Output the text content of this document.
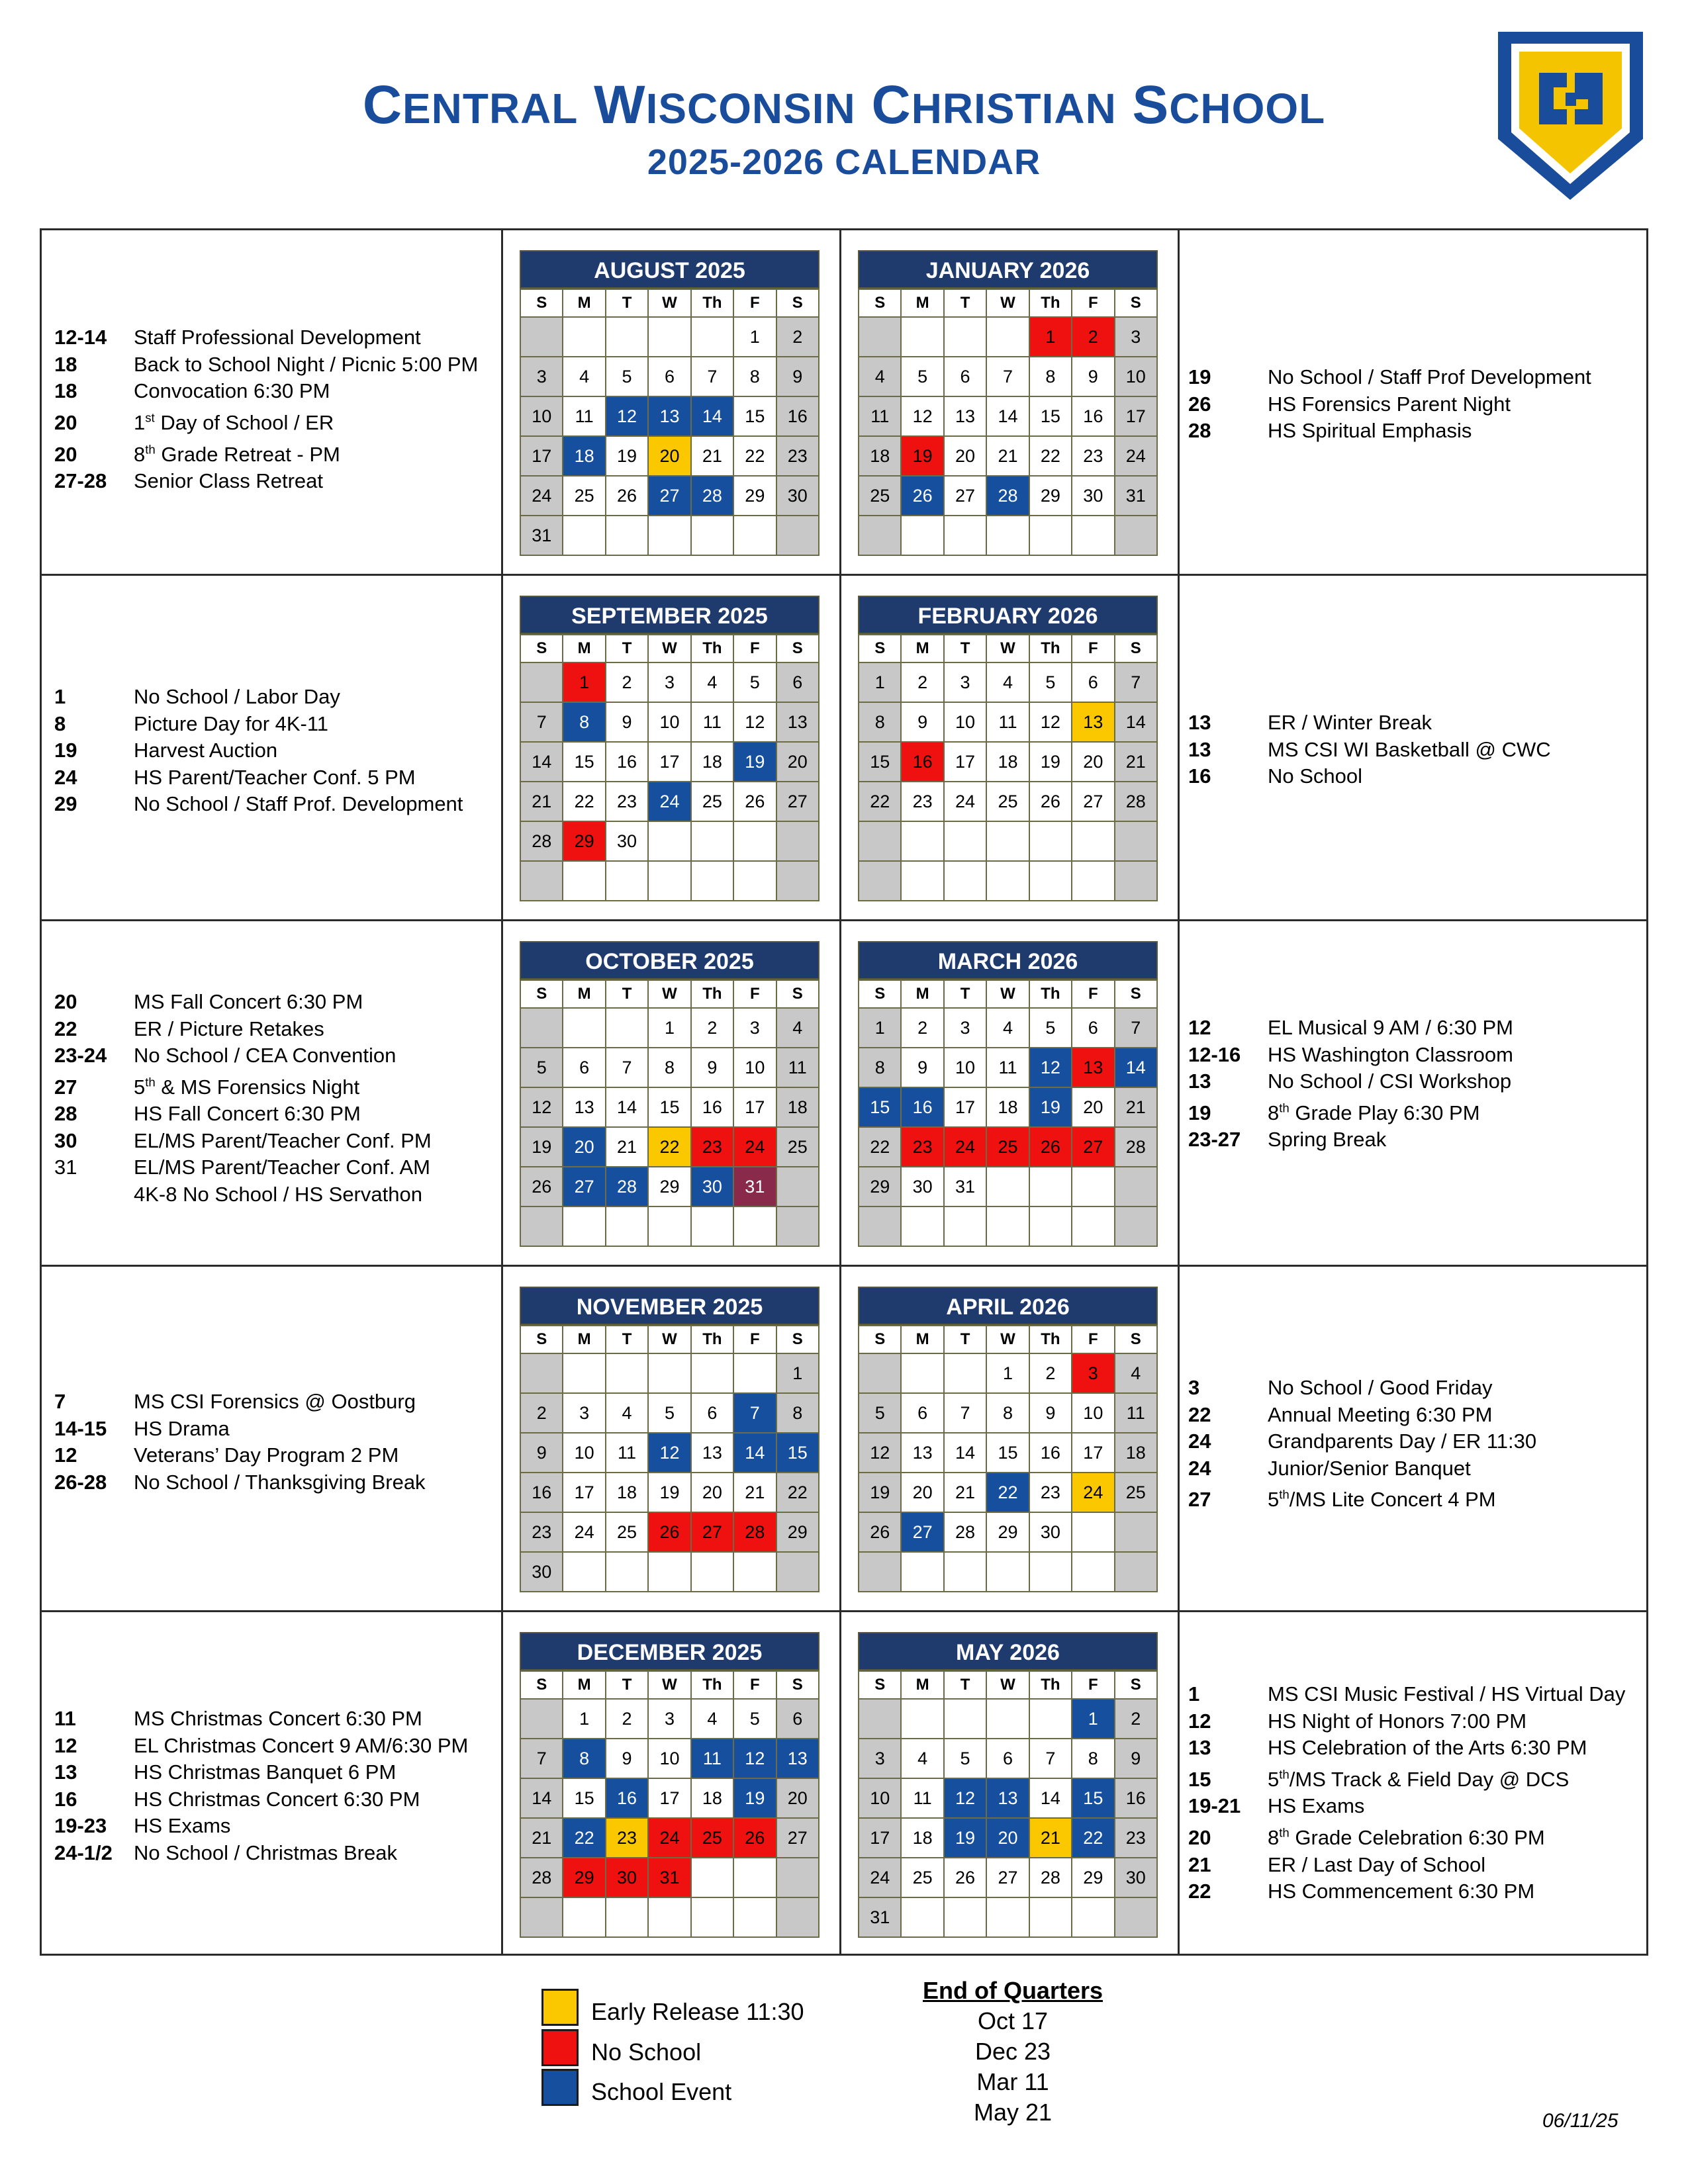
CENTRAL WISCONSIN CHRISTIAN SCHOOL
2025-2026 CALENDAR
AUGUST 2025
S	M	T	W	Th	F	S
					1	2
3	4	5	6	7	8	9
10	11	12	13	14	15	16
17	18	19	20	21	22	23
24	25	26	27	28	29	30
31						
JANUARY 2026
S	M	T	W	Th	F	S
				1	2	3
4	5	6	7	8	9	10
11	12	13	14	15	16	17
18	19	20	21	22	23	24
25	26	27	28	29	30	31

SEPTEMBER 2025
S	M	T	W	Th	F	S
	1	2	3	4	5	6
7	8	9	10	11	12	13
14	15	16	17	18	19	20
21	22	23	24	25	26	27
28	29	30				

FEBRUARY 2026
S	M	T	W	Th	F	S
1	2	3	4	5	6	7
8	9	10	11	12	13	14
15	16	17	18	19	20	21
22	23	24	25	26	27	28

OCTOBER 2025
S	M	T	W	Th	F	S
			1	2	3	4
5	6	7	8	9	10	11
12	13	14	15	16	17	18
19	20	21	22	23	24	25
26	27	28	29	30	31	

MARCH 2026
S	M	T	W	Th	F	S
1	2	3	4	5	6	7
8	9	10	11	12	13	14
15	16	17	18	19	20	21
22	23	24	25	26	27	28
29	30	31				

NOVEMBER 2025
S	M	T	W	Th	F	S
						1
2	3	4	5	6	7	8
9	10	11	12	13	14	15
16	17	18	19	20	21	22
23	24	25	26	27	28	29
30						
APRIL 2026
S	M	T	W	Th	F	S
			1	2	3	4
5	6	7	8	9	10	11
12	13	14	15	16	17	18
19	20	21	22	23	24	25
26	27	28	29	30		

DECEMBER 2025
S	M	T	W	Th	F	S
	1	2	3	4	5	6
7	8	9	10	11	12	13
14	15	16	17	18	19	20
21	22	23	24	25	26	27
28	29	30	31			

MAY 2026
S	M	T	W	Th	F	S
					1	2
3	4	5	6	7	8	9
10	11	12	13	14	15	16
17	18	19	20	21	22	23
24	25	26	27	28	29	30
31						
12-14 Staff Professional Development
18	Back to School Night / Picnic 5:00 PM
18	Convocation 6:30 PM
20	1st Day of School / ER
20	8th Grade Retreat - PM
27-28 Senior Class Retreat
1	No School / Labor Day
8	Picture Day for 4K-11
19	Harvest Auction
24	HS Parent/Teacher Conf. 5 PM
29	No School / Staff Prof. Development
20	MS Fall Concert 6:30 PM
22	ER / Picture Retakes
23-24 No School / CEA Convention
27	5th & MS Forensics Night
28	HS Fall Concert 6:30 PM
30	EL/MS Parent/Teacher Conf. PM
31	EL/MS Parent/Teacher Conf. AM
4K-8 No School / HS Servathon
7	MS CSI Forensics @ Oostburg
14-15 HS Drama
12	Veterans’ Day Program 2 PM
26-28 No School / Thanksgiving Break
11	MS Christmas Concert 6:30 PM
12	EL Christmas Concert 9 AM/6:30 PM
13	HS Christmas Banquet 6 PM
16	HS Christmas Concert 6:30 PM
19-23 HS Exams
24-1/2 No School / Christmas Break
19	No School / Staff Prof Development
26	HS Forensics Parent Night
28	HS Spiritual Emphasis
13	ER / Winter Break
13	MS CSI WI Basketball @ CWC
16	No School
12	EL Musical 9 AM / 6:30 PM
12-16 HS Washington Classroom
13	No School / CSI Workshop
19	8th Grade Play 6:30 PM
23-27 Spring Break
3	No School / Good Friday
22	Annual Meeting 6:30 PM
24	Grandparents Day / ER 11:30
24	Junior/Senior Banquet
27	5th/MS Lite Concert 4 PM
1	MS CSI Music Festival / HS Virtual Day
12	HS Night of Honors 7:00 PM
13	HS Celebration of the Arts 6:30 PM
15	5th/MS Track & Field Day @ DCS
19-21 HS Exams
20	8th Grade Celebration 6:30 PM
21	ER / Last Day of School
22	HS Commencement 6:30 PM
Early Release 11:30
No School
School Event
End of Quarters
Oct 17
Dec 23
Mar 11
May 21	06/11/25
